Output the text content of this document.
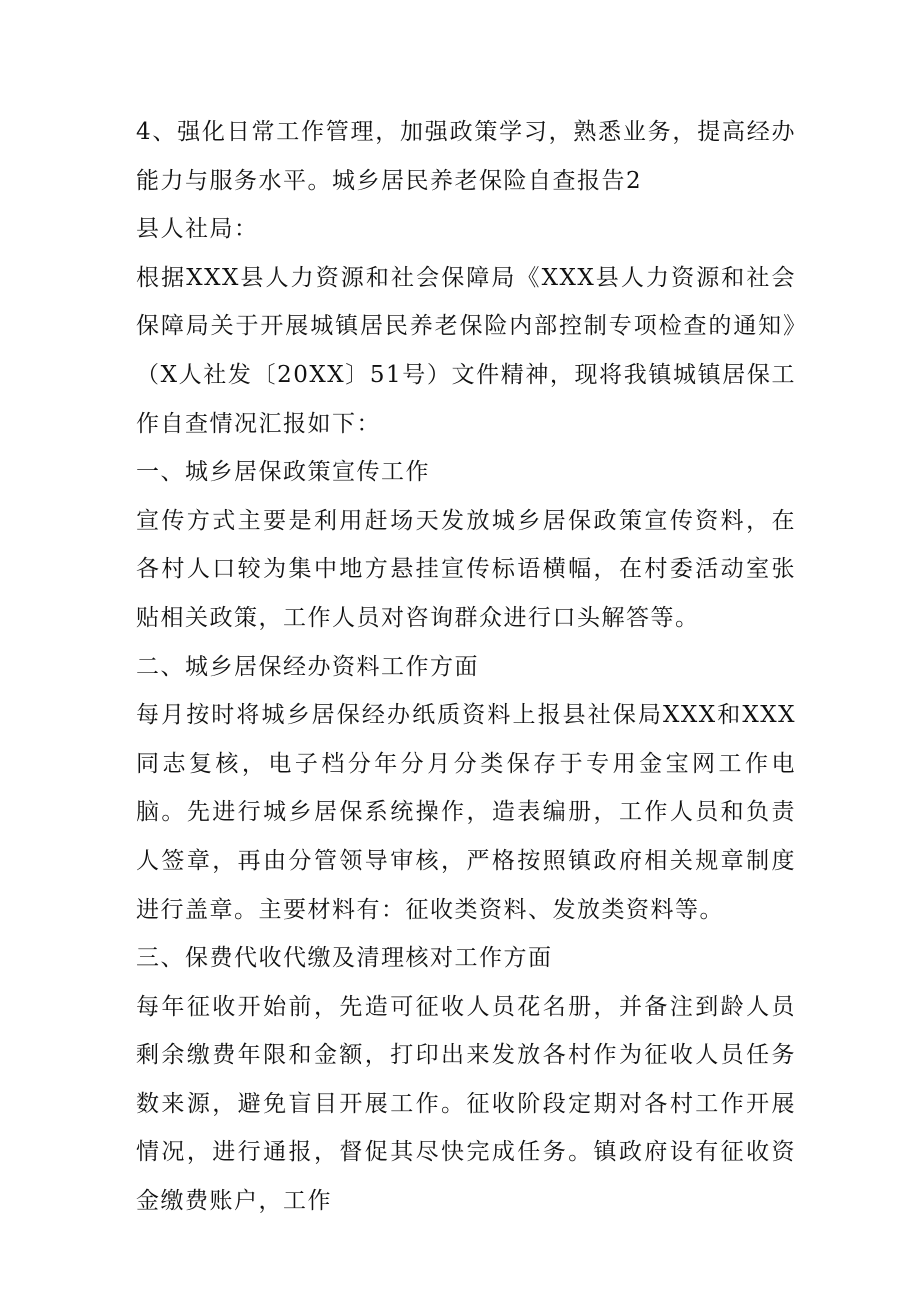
4、强化日常工作管理，加强政策学习，熟悉业务，提高经办能力与服务水平。城乡居民养老保险自查报告2

县人社局：

根据XXX县人力资源和社会保障局《XXX县人力资源和社会保障局关于开展城镇居民养老保险内部控制专项检查的通知》（X人社发〔20XX〕51号）文件精神，现将我镇城镇居保工作自查情况汇报如下：

一、城乡居保政策宣传工作

宣传方式主要是利用赶场天发放城乡居保政策宣传资料，在各村人口较为集中地方悬挂宣传标语横幅，在村委活动室张贴相关政策，工作人员对咨询群众进行口头解答等。

二、城乡居保经办资料工作方面

每月按时将城乡居保经办纸质资料上报县社保局XXX和XXX同志复核，电子档分年分月分类保存于专用金宝网工作电脑。先进行城乡居保系统操作，造表编册，工作人员和负责人签章，再由分管领导审核，严格按照镇政府相关规章制度进行盖章。主要材料有：征收类资料、发放类资料等。

三、保费代收代缴及清理核对工作方面

每年征收开始前，先造可征收人员花名册，并备注到龄人员剩余缴费年限和金额，打印出来发放各村作为征收人员任务数来源，避免盲目开展工作。征收阶段定期对各村工作开展情况，进行通报，督促其尽快完成任务。镇政府设有征收资金缴费账户，工作
